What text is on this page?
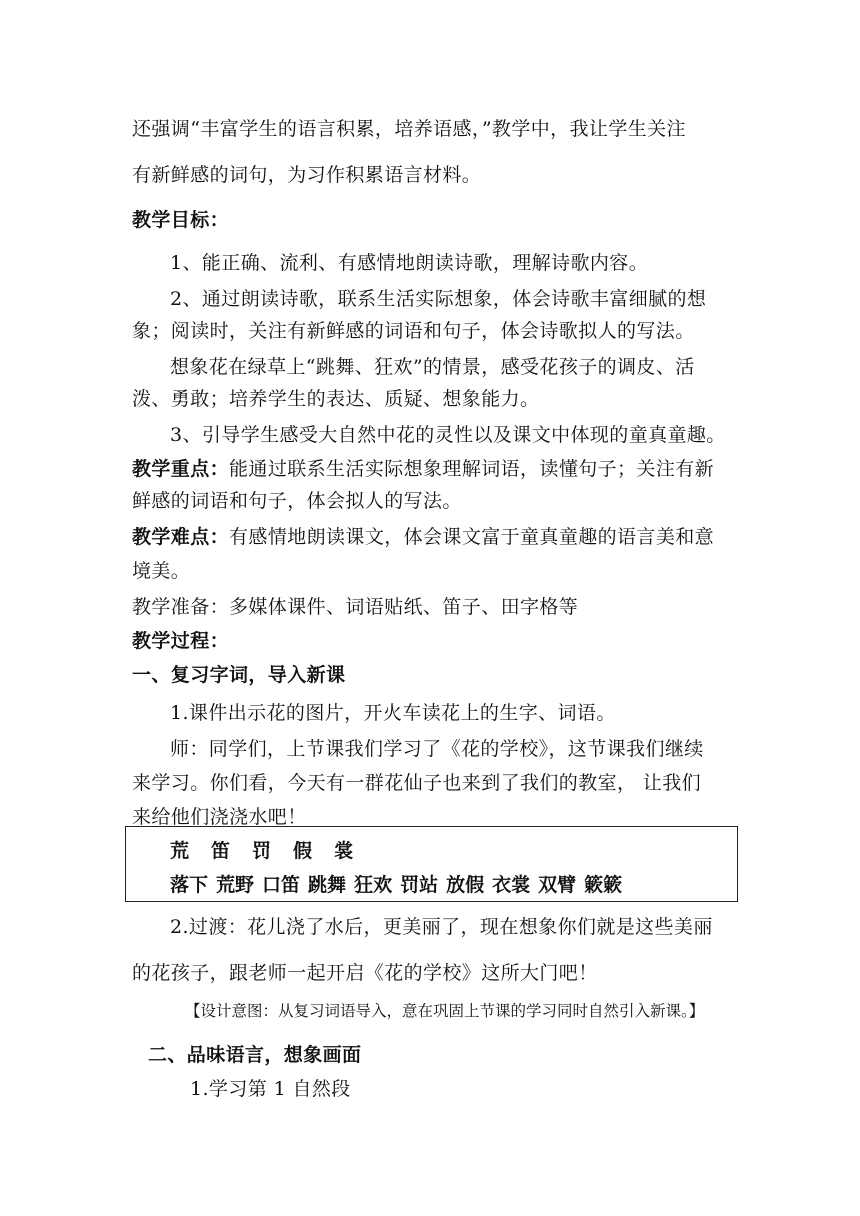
还强调“丰富学生的语言积累，培养语感，”教学中，我让学生关注
有新鲜感的词句，为习作积累语言材料。
教学目标：
1、能正确、流利、有感情地朗读诗歌，理解诗歌内容。
2、通过朗读诗歌，联系生活实际想象，体会诗歌丰富细腻的想
象；阅读时，关注有新鲜感的词语和句子，体会诗歌拟人的写法。
想象花在绿草上“跳舞、狂欢”的情景，感受花孩子的调皮、活
泼、勇敢；培养学生的表达、质疑、想象能力。
3、引导学生感受大自然中花的灵性以及课文中体现的童真童趣。
教学重点：能通过联系生活实际想象理解词语，读懂句子；关注有新
鲜感的词语和句子，体会拟人的写法。
教学难点：有感情地朗读课文，体会课文富于童真童趣的语言美和意
境美。
教学准备：多媒体课件、词语贴纸、笛子、田字格等
教学过程：
一、复习字词，导入新课
1.课件出示花的图片，开火车读花上的生字、词语。
师：同学们，上节课我们学习了《花的学校》，这节课我们继续
来学习。你们看，今天有一群花仙子也来到了我们的教室， 让我们
来给他们浇浇水吧！
荒 笛 罚 假 裳
落下 荒野 口笛 跳舞 狂欢 罚站 放假 衣裳 双臂 簌簌
2.过渡：花儿浇了水后，更美丽了，现在想象你们就是这些美丽
的花孩子，跟老师一起开启《花的学校》这所大门吧！
【设计意图：从复习词语导入，意在巩固上节课的学习同时自然引入新课。】
二、品味语言，想象画面
1.学习第 1 自然段
